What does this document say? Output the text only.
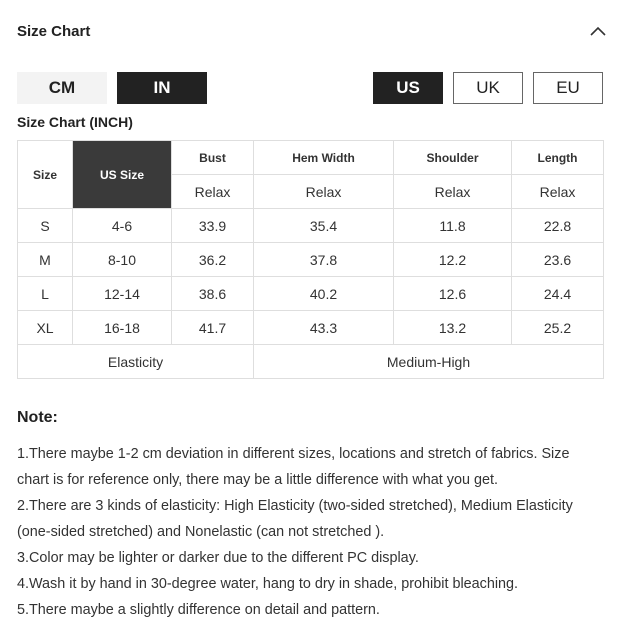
Size Chart
CM	IN	US	UK	EU
Size Chart (INCH)
Size	US Size	Bust	Hem Width	Shoulder	Length
		Relax	Relax	Relax	Relax
S	4-6	33.9	35.4	11.8	22.8
M	8-10	36.2	37.8	12.2	23.6
L	12-14	38.6	40.2	12.6	24.4
XL	16-18	41.7	43.3	13.2	25.2
Elasticity			Medium-High		
Note:

1.There maybe 1-2 cm deviation in different sizes, locations and stretch of fabrics. Size chart is for reference only, there may be a little difference with what you get.

2.There are 3 kinds of elasticity: High Elasticity (two-sided stretched), Medium Elasticity (one-sided stretched) and Nonelastic (can not stretched ).

3.Color may be lighter or darker due to the different PC display.

4.Wash it by hand in 30-degree water, hang to dry in shade, prohibit bleaching.

5.There maybe a slightly difference on detail and pattern.
